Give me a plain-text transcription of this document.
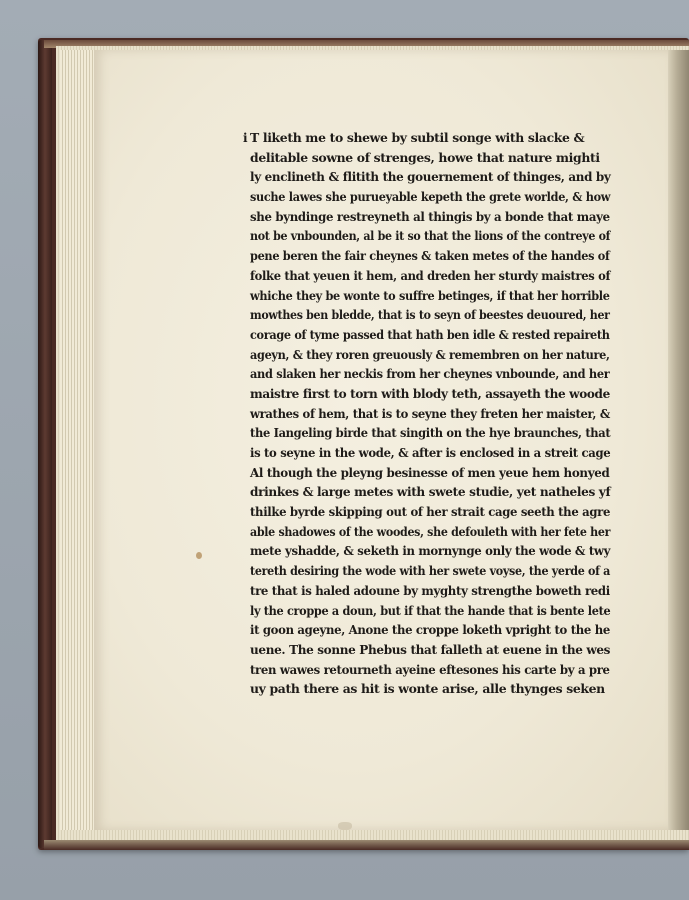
i T liketh me to shewe by subtil songe with slacke &
delitable sowne of strenges, howe that nature mighti
ly enclineth & flitith the gouernement of thinges, and by
suche lawes she purueyable kepeth the grete worlde, & how
she byndinge restreyneth al thingis by a bonde that maye
not be vnbounden, al be it so that the lions of the contreye of
pene beren the fair cheynes & taken metes of the handes of
folke that yeuen it hem, and dreden her sturdy maistres of
whiche they be wonte to suffre betinges, if that her horrible
mowthes ben bledde, that is to seyn of beestes deuoured, her
corage of tyme passed that hath ben idle & rested repaireth
ageyn, & they roren greuously & remembren on her nature,
and slaken her neckis from her cheynes vnbounde, and her
maistre first to torn with blody teth, assayeth the woode
wrathes of hem, that is to seyne they freten her maister, &
the Iangeling birde that singith on the hye braunches, that
is to seyne in the wode, & after is enclosed in a streit cage
Al though the pleyng besinesse of men yeue hem honyed
drinkes & large metes with swete studie, yet natheles yf
thilke byrde skipping out of her strait cage seeth the agre
able shadowes of the woodes, she defouleth with her fete her
mete yshadde, & seketh in mornynge only the wode & twy
tereth desiring the wode with her swete voyse, the yerde of a
tre that is haled adoune by myghty strengthe boweth redi
ly the croppe a doun, but if that the hande that is bente lete
it goon ageyne, Anone the croppe loketh vpright to the he
uene. The sonne Phebus that falleth at euene in the wes
tren wawes retourneth ayeine eftesones his carte by a pre
uy path there as hit is wonte arise, alle thynges seken
